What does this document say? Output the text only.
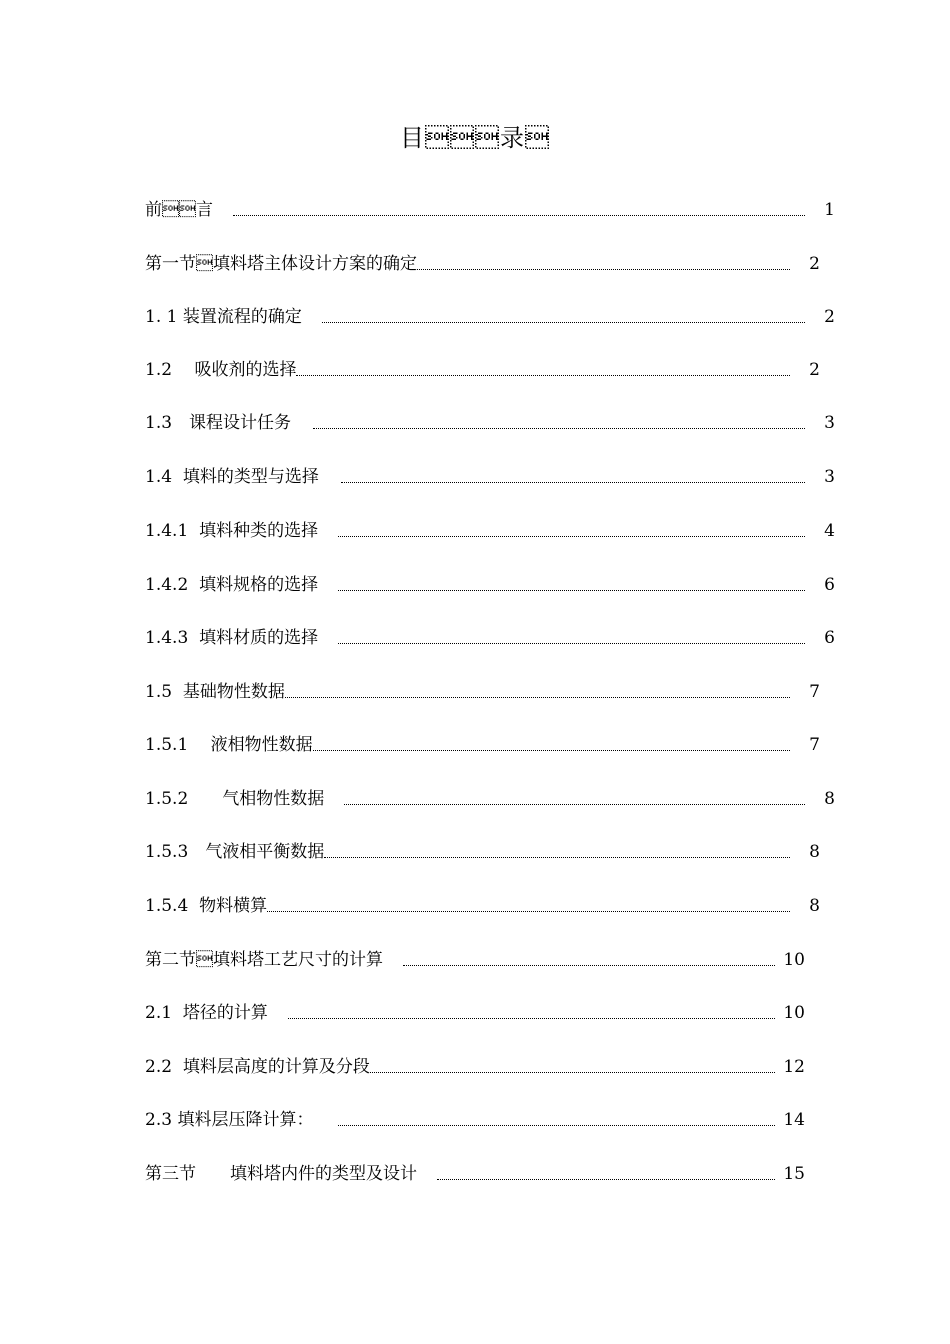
目录
前言	1
第一节填料塔主体设计方案的确定	2
1. 1 装置流程的确定	2
1.2　 吸收剂的选择	2
1.3　课程设计任务	3
1.4  填料的类型与选择	3
1.4.1  填料种类的选择	4
1.4.2  填料规格的选择	6
1.4.3  填料材质的选择	6
1.5  基础物性数据	7
1.5.1　 液相物性数据	7
1.5.2　　气相物性数据	8
1.5.3　气液相平衡数据	8
1.5.4  物料横算	8
第二节填料塔工艺尺寸的计算	10
2.1  塔径的计算	10
2.2  填料层高度的计算及分段	12
2.3 填料层压降计算：	14
第三节　　填料塔内件的类型及设计	15
